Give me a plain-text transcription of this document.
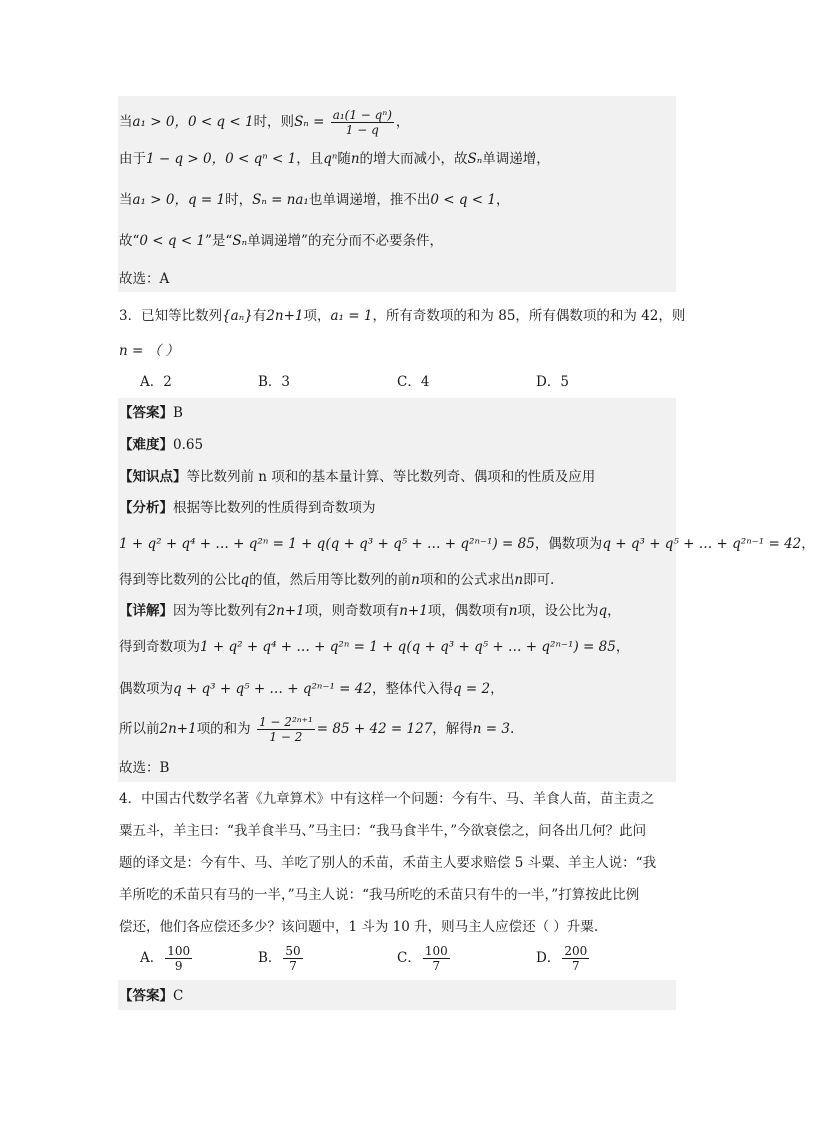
当a₁ > 0，0 < q < 1时，则$S_n = \frac{\text{a₁(1 − qⁿ)}}{1 - q}$ ，
由于1 − q > 0，0 < qⁿ < 1，且qⁿ随n的增大而减小，故Sₙ单调递增，
当a₁ > 0，q = 1时，Sₙ = na₁也单调递增，推不出0 < q < 1，
故“0 < q < 1”是“Sₙ单调递增”的充分而不必要条件，
故选：A
3．已知等比数列{aₙ}有2n+1项，a₁ = 1，所有奇数项的和为 85，所有偶数项的和为 42，则
n = （ ）
A．2	B．3	C．4	D．5
【答案】B
【难度】0.65
【知识点】等比数列前 n 项和的基本量计算、等比数列奇、偶项和的性质及应用
【分析】根据等比数列的性质得到奇数项为
1 + q² + q⁴ + … + q²ⁿ = 1 + q(q + q³ + q⁵ + … + q²ⁿ⁻¹) = 85，偶数项为q + q³ + q⁵ + … + q²ⁿ⁻¹ = 42，
得到等比数列的公比q的值，然后用等比数列的前n项和的公式求出n即可.
【详解】因为等比数列有2n+1项，则奇数项有n+1项，偶数项有n项，设公比为q，
得到奇数项为1 + q² + q⁴ + … + q²ⁿ = 1 + q(q + q³ + q⁵ + … + q²ⁿ⁻¹) = 85，
偶数项为q + q³ + q⁵ + … + q²ⁿ⁻¹ = 42，整体代入得q = 2，
所以前2n+1项的和为 $\frac{\text{1 − 2²ⁿ⁺¹}}{1 - 2} = 85 + 42 = 127$，解得n = 3.
故选：B
4．中国古代数学名著《九章算术》中有这样一个问题：今有牛、马、羊食人苗，苗主责之
粟五斗，羊主曰：“我羊食半马、”马主曰：“我马食半牛，”今欲衰偿之，问各出几何？此问
题的译文是：今有牛、马、羊吃了别人的禾苗，禾苗主人要求赔偿 5 斗粟、羊主人说：“我
羊所吃的禾苗只有马的一半，”马主人说：“我马所吃的禾苗只有牛的一半，”打算按此比例
偿还，他们各应偿还多少？该问题中，1 斗为 10 升，则马主人应偿还（ ）升粟.
A． $\frac{100}{9}$	B． $\frac{50}{7}$	C． $\frac{100}{7}$	D． $\frac{200}{7}$
【答案】C
